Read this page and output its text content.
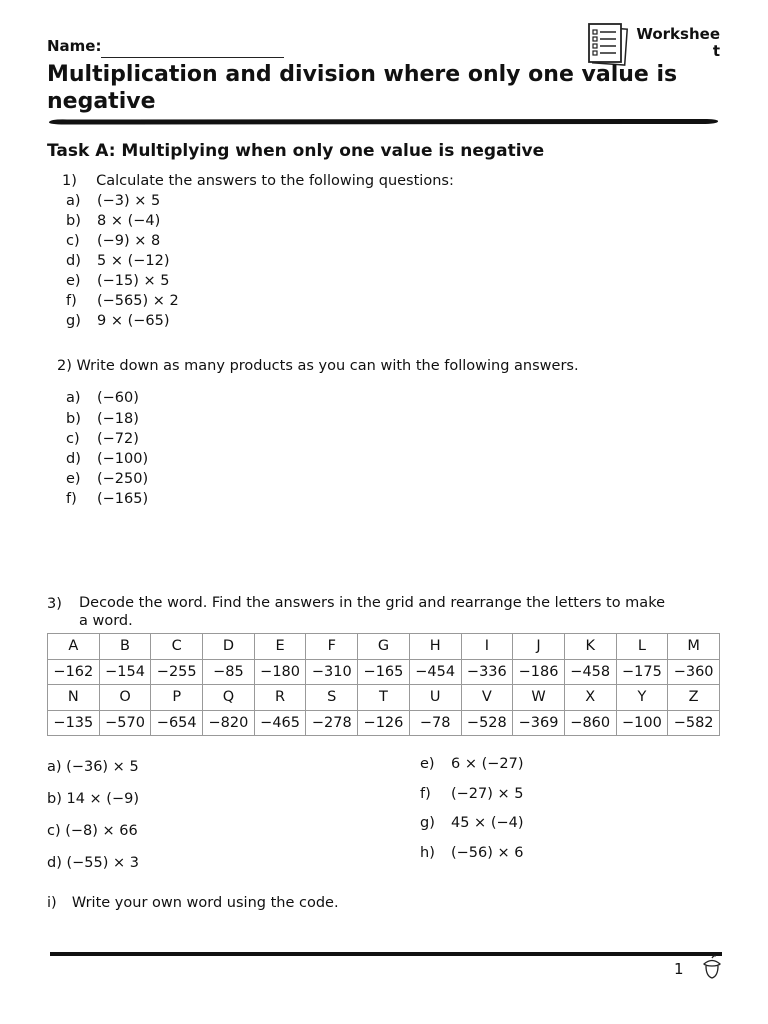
Name:
Worksheet
Multiplication and division where only one value is negative
Task A: Multiplying when only one value is negative
1) Calculate the answers to the following questions:
a) (−3) × 5
b) 8 × (−4)
c) (−9) × 8
d) 5 × (−12)
e) (−15) × 5
f) (−565) × 2
g) 9 × (−65)
2) Write down as many products as you can with the following answers.
a) (−60)
b) (−18)
c) (−72)
d) (−100)
e) (−250)
f) (−165)
3) Decode the word. Find the answers in the grid and rearrange the letters to make
a word.
A	B	C	D	E	F	G	H	I	J	K	L	M
−162	−154	−255	−85	−180	−310	−165	−454	−336	−186	−458	−175	−360
N	O	P	Q	R	S	T	U	V	W	X	Y	Z
−135	−570	−654	−820	−465	−278	−126	−78	−528	−369	−860	−100	−582
a) (−36) × 5
b) 14 × (−9)
c) (−8) × 66
d) (−55) × 3
e) 6 × (−27)
f) (−27) × 5
g) 45 × (−4)
h) (−56) × 6
i) Write your own word using the code.
1
